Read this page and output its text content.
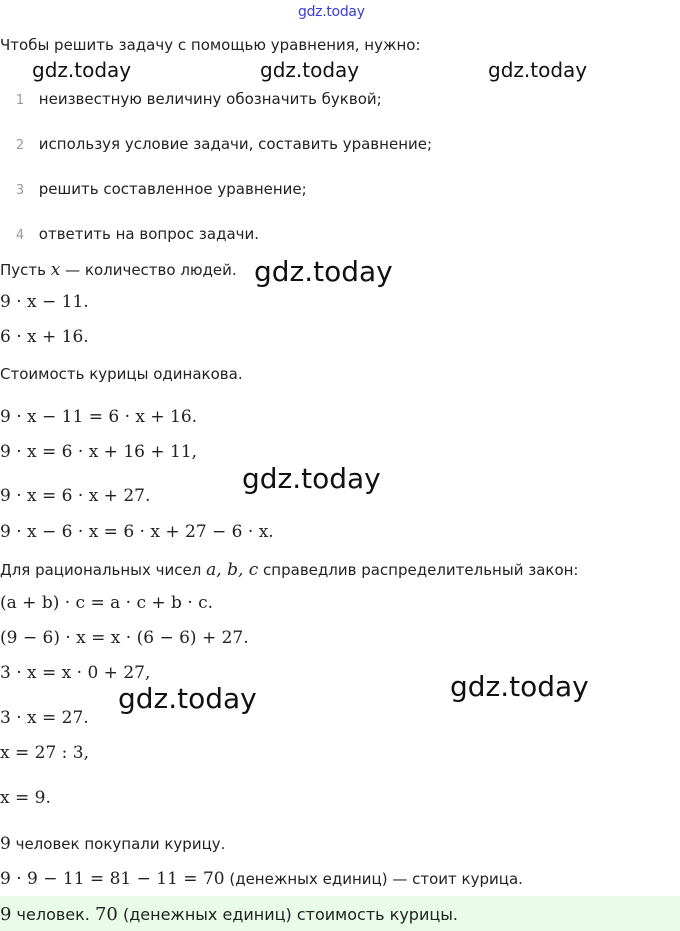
gdz.today
gdz.today	gdz.today	gdz.today
gdz.today
gdz.today
gdz.today	gdz.today
Чтобы решить задачу с помощью уравнения, нужно:
1 неизвестную величину обозначить буквой;
2 используя условие задачи, составить уравнение;
3 решить составленное уравнение;
4 ответить на вопрос задачи.
Пусть x — количество людей.
9 · x − 11.
6 · x + 16.
Стоимость курицы одинакова.
9 · x − 11 = 6 · x + 16.
9 · x = 6 · x + 16 + 11,
9 · x = 6 · x + 27.
9 · x − 6 · x = 6 · x + 27 − 6 · x.
Для рациональных чисел a, b, c справедлив распределительный закон:
(a + b) · c = a · c + b · c.
(9 − 6) · x = x · (6 − 6) + 27.
3 · x = x · 0 + 27,
3 · x = 27.
x = 27 : 3,
x = 9.
9 человек покупали курицу.
9 · 9 − 11 = 81 − 11 = 70 (денежных единиц) — стоит курица.
9 человек. 70 (денежных единиц) стоимость курицы.
